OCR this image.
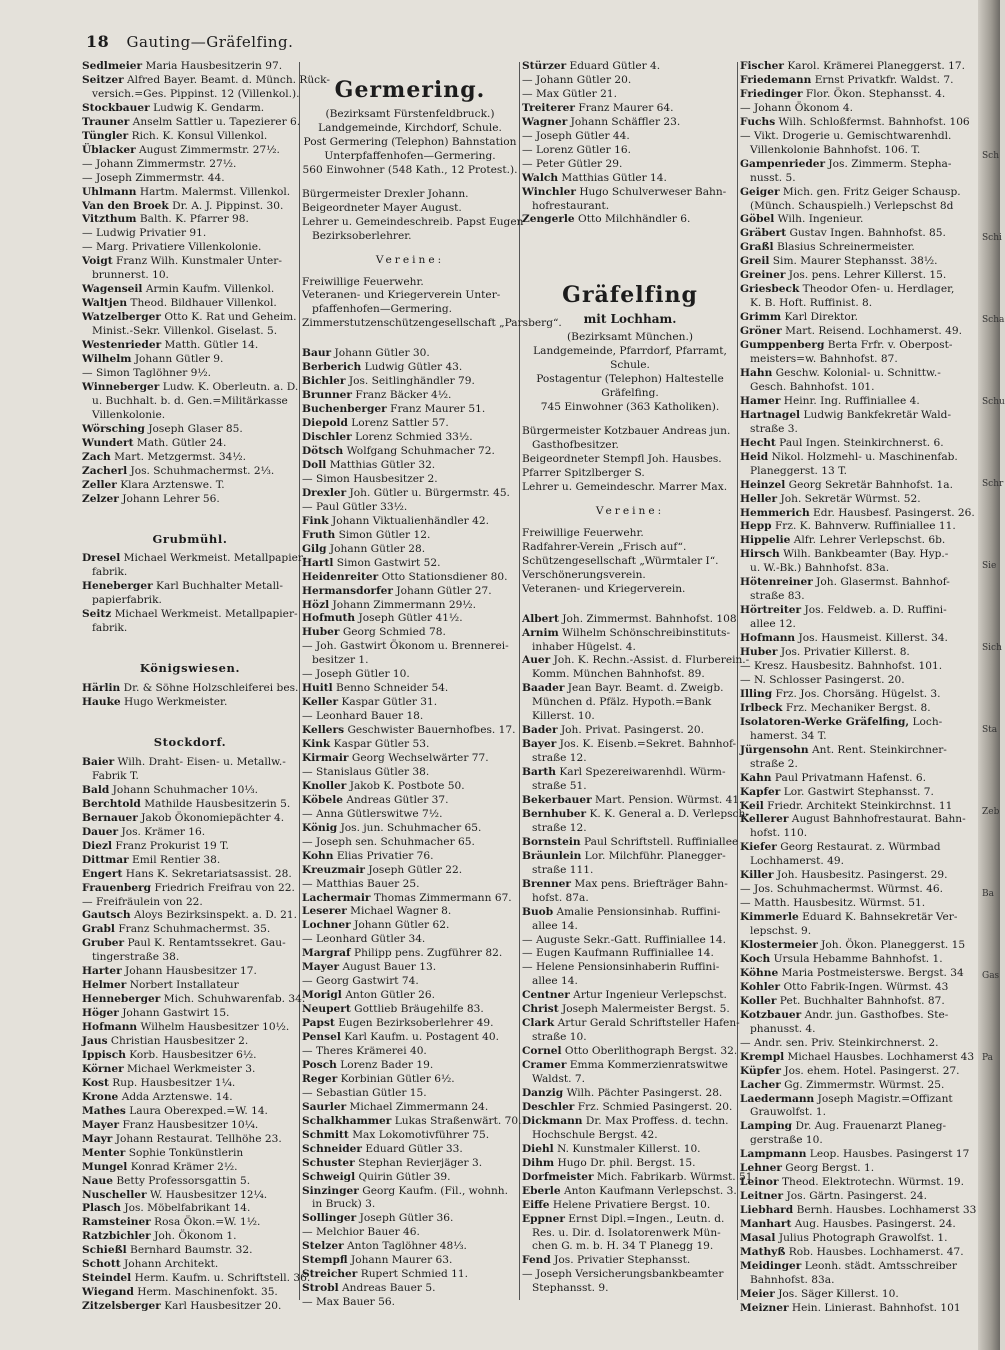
18 Gauting—Gräfelfing.
Sedlmeier Maria Hausbesitzerin 97.
Seitzer Alfred Bayer. Beamt. d. Münch. Rück-
versich.=Ges. Pippinst. 12 (Villenkol.).
Stockbauer Ludwig K. Gendarm.
Trauner Anselm Sattler u. Tapezierer 6.
Tüngler Rich. K. Konsul Villenkol.
Üblacker August Zimmermstr. 27½.
— Johann Zimmermstr. 27½.
— Joseph Zimmermstr. 44.
Uhlmann Hartm. Malermst. Villenkol.
Van den Broek Dr. A. J. Pippinst. 30.
Vitzthum Balth. K. Pfarrer 98.
— Ludwig Privatier 91.
— Marg. Privatiere Villenkolonie.
Voigt Franz Wilh. Kunstmaler Unter-
brunnerst. 10.
Wagenseil Armin Kaufm. Villenkol.
Waltjen Theod. Bildhauer Villenkol.
Watzelberger Otto K. Rat und Geheim.
Minist.-Sekr. Villenkol. Giselast. 5.
Westenrieder Matth. Gütler 14.
Wilhelm Johann Gütler 9.
— Simon Taglöhner 9½.
Winneberger Ludw. K. Oberleutn. a. D.
u. Buchhalt. b. d. Gen.=Militärkasse
Villenkolonie.
Wörsching Joseph Glaser 85.
Wundert Math. Gütler 24.
Zach Mart. Metzgermst. 34½.
Zacherl Jos. Schuhmachermst. 2⅓.
Zeller Klara Arztenswe. T.
Zelzer Johann Lehrer 56.
Grubmühl.
Dresel Michael Werkmeist. Metallpapier-
fabrik.
Heneberger Karl Buchhalter Metall-
papierfabrik.
Seitz Michael Werkmeist. Metallpapier-
fabrik.
Königswiesen.
Härlin Dr. & Söhne Holzschleiferei bes.
Hauke Hugo Werkmeister.
Stockdorf.
Baier Wilh. Draht- Eisen- u. Metallw.-
Fabrik T.
Bald Johann Schuhmacher 10⅓.
Berchtold Mathilde Hausbesitzerin 5.
Bernauer Jakob Ökonomiepächter 4.
Dauer Jos. Krämer 16.
Diezl Franz Prokurist 19 T.
Dittmar Emil Rentier 38.
Engert Hans K. Sekretariatsassist. 28.
Frauenberg Friedrich Freifrau von 22.
— Freifräulein von 22.
Gautsch Aloys Bezirksinspekt. a. D. 21.
Grabl Franz Schuhmachermst. 35.
Gruber Paul K. Rentamtssekret. Gau-
tingerstraße 38.
Harter Johann Hausbesitzer 17.
Helmer Norbert Installateur
Henneberger Mich. Schuhwarenfab. 34.
Höger Johann Gastwirt 15.
Hofmann Wilhelm Hausbesitzer 10½.
Jaus Christian Hausbesitzer 2.
Ippisch Korb. Hausbesitzer 6½.
Körner Michael Werkmeister 3.
Kost Rup. Hausbesitzer 1¼.
Krone Adda Arztenswe. 14.
Mathes Laura Oberexped.=W. 14.
Mayer Franz Hausbesitzer 10¼.
Mayr Johann Restaurat. Tellhöhe 23.
Menter Sophie Tonkünstlerin
Mungel Konrad Krämer 2½.
Naue Betty Professorsgattin 5.
Nuscheller W. Hausbesitzer 12¼.
Plasch Jos. Möbelfabrikant 14.
Ramsteiner Rosa Ökon.=W. 1½.
Ratzbichler Joh. Ökonom 1.
Schießl Bernhard Baumstr. 32.
Schott Johann Architekt.
Steindel Herm. Kaufm. u. Schriftstell. 36.
Wiegand Herm. Maschinenfokt. 35.
Zitzelsberger Karl Hausbesitzer 20.
Germering.
(Bezirksamt Fürstenfeldbruck.)
Landgemeinde, Kirchdorf, Schule.
Post Germering (Telephon) Bahnstation
Unterpfaffenhofen—Germering.
560 Einwohner (548 Kath., 12 Protest.).
Bürgermeister Drexler Johann.
Beigeordneter Mayer August.
Lehrer u. Gemeindeschreib. Papst Eugen
Bezirksoberlehrer.
Vereine:
Freiwillige Feuerwehr.
Veteranen- und Kriegerverein Unter-
pfaffenhofen—Germering.
Zimmerstutzenschützengesellschaft „Parsberg“.
Baur Johann Gütler 30.
Berberich Ludwig Gütler 43.
Bichler Jos. Seitlinghändler 79.
Brunner Franz Bäcker 4½.
Buchenberger Franz Maurer 51.
Diepold Lorenz Sattler 57.
Dischler Lorenz Schmied 33½.
Dötsch Wolfgang Schuhmacher 72.
Doll Matthias Gütler 32.
— Simon Hausbesitzer 2.
Drexler Joh. Gütler u. Bürgermstr. 45.
— Paul Gütler 33½.
Fink Johann Viktualienhändler 42.
Fruth Simon Gütler 12.
Gilg Johann Gütler 28.
Hartl Simon Gastwirt 52.
Heidenreiter Otto Stationsdiener 80.
Hermansdorfer Johann Gütler 27.
Hözl Johann Zimmermann 29½.
Hofmuth Joseph Gütler 41½.
Huber Georg Schmied 78.
— Joh. Gastwirt Ökonom u. Brennerei-
besitzer 1.
— Joseph Gütler 10.
Huitl Benno Schneider 54.
Keller Kaspar Gütler 31.
— Leonhard Bauer 18.
Kellers Geschwister Bauernhofbes. 17.
Kink Kaspar Gütler 53.
Kirmair Georg Wechselwärter 77.
— Stanislaus Gütler 38.
Knoller Jakob K. Postbote 50.
Köbele Andreas Gütler 37.
— Anna Gütlerswitwe 7½.
König Jos. jun. Schuhmacher 65.
— Joseph sen. Schuhmacher 65.
Kohn Elias Privatier 76.
Kreuzmair Joseph Gütler 22.
— Matthias Bauer 25.
Lachermair Thomas Zimmermann 67.
Leserer Michael Wagner 8.
Lochner Johann Gütler 62.
— Leonhard Gütler 34.
Margraf Philipp pens. Zugführer 82.
Mayer August Bauer 13.
— Georg Gastwirt 74.
Morigl Anton Gütler 26.
Neupert Gottlieb Bräugehilfe 83.
Papst Eugen Bezirksoberlehrer 49.
Pensel Karl Kaufm. u. Postagent 40.
— Theres Krämerei 40.
Posch Lorenz Bader 19.
Reger Korbinian Gütler 6½.
— Sebastian Gütler 15.
Saurler Michael Zimmermann 24.
Schalkhammer Lukas Straßenwärt. 70.
Schmitt Max Lokomotivführer 75.
Schneider Eduard Gütler 33.
Schuster Stephan Revierjäger 3.
Schweigl Quirin Gütler 39.
Sinzinger Georg Kaufm. (Fil., wohnh.
in Bruck) 3.
Sollinger Joseph Gütler 36.
— Melchior Bauer 46.
Stelzer Anton Taglöhner 48⅓.
Stempfl Johann Maurer 63.
Streicher Rupert Schmied 11.
Strobl Andreas Bauer 5.
— Max Bauer 56.
Stürzer Eduard Gütler 4.
— Johann Gütler 20.
— Max Gütler 21.
Treiterer Franz Maurer 64.
Wagner Johann Schäffler 23.
— Joseph Gütler 44.
— Lorenz Gütler 16.
— Peter Gütler 29.
Walch Matthias Gütler 14.
Winchler Hugo Schulverweser Bahn-
hofrestaurant.
Zengerle Otto Milchhändler 6.
Gräfelfing
mit Lochham.
(Bezirksamt München.)
Landgemeinde, Pfarrdorf, Pfarramt,
Schule.
Postagentur (Telephon) Haltestelle
Gräfelfing.
745 Einwohner (363 Katholiken).
Bürgermeister Kotzbauer Andreas jun.
Gasthofbesitzer.
Beigeordneter Stempfl Joh. Hausbes.
Pfarrer Spitzlberger S.
Lehrer u. Gemeindeschr. Marrer Max.
Vereine:
Freiwillige Feuerwehr.
Radfahrer-Verein „Frisch auf“.
Schützengesellschaft „Würmtaler I“.
Verschönerungsverein.
Veteranen- und Kriegerverein.
Albert Joh. Zimmermst. Bahnhofst. 108
Arnim Wilhelm Schönschreibinstituts-
inhaber Hügelst. 4.
Auer Joh. K. Rechn.-Assist. d. Flurberein.-
Komm. München Bahnhofst. 89.
Baader Jean Bayr. Beamt. d. Zweigb.
München d. Pfälz. Hypoth.=Bank
Killerst. 10.
Bader Joh. Privat. Pasingerst. 20.
Bayer Jos. K. Eisenb.=Sekret. Bahnhof-
straße 12.
Barth Karl Spezereiwarenhdl. Würm-
straße 51.
Bekerbauer Mart. Pension. Würmst. 41.
Bernhuber K. K. General a. D. Verlepsch-
straße 12.
Bornstein Paul Schriftstell. Ruffiniallee
Bräunlein Lor. Milchführ. Planegger-
straße 111.
Brenner Max pens. Briefträger Bahn-
hofst. 87a.
Buob Amalie Pensionsinhab. Ruffini-
allee 14.
— Auguste Sekr.-Gatt. Ruffiniallee 14.
— Eugen Kaufmann Ruffiniallee 14.
— Helene Pensionsinhaberin Ruffini-
allee 14.
Centner Artur Ingenieur Verlepschst.
Christ Joseph Malermeister Bergst. 5.
Clark Artur Gerald Schriftsteller Hafen-
straße 10.
Cornel Otto Oberlithograph Bergst. 32.
Cramer Emma Kommerzienratswitwe
Waldst. 7.
Danzig Wilh. Pächter Pasingerst. 28.
Deschler Frz. Schmied Pasingerst. 20.
Dickmann Dr. Max Proffess. d. techn.
Hochschule Bergst. 42.
Diehl N. Kunstmaler Killerst. 10.
Dihm Hugo Dr. phil. Bergst. 15.
Dorfmeister Mich. Fabrikarb. Würmst. 51
Eberle Anton Kaufmann Verlepschst. 3.
Eiffe Helene Privatiere Bergst. 10.
Eppner Ernst Dipl.=Ingen., Leutn. d.
Res. u. Dir. d. Isolatorenwerk Mün-
chen G. m. b. H. 34 T Planegg 19.
Fend Jos. Privatier Stephansst.
— Joseph Versicherungsbankbeamter
Stephansst. 9.
Fischer Karol. Krämerei Planeggerst. 17.
Friedemann Ernst Privatkfr. Waldst. 7.
Friedinger Flor. Ökon. Stephansst. 4.
— Johann Ökonom 4.
Fuchs Wilh. Schloßfermst. Bahnhofst. 106
— Vikt. Drogerie u. Gemischtwarenhdl.
Villenkolonie Bahnhofst. 106. T.
Gampenrieder Jos. Zimmerm. Stepha-
nusst. 5.
Geiger Mich. gen. Fritz Geiger Schausp.
(Münch. Schauspielh.) Verlepschst 8d
Göbel Wilh. Ingenieur.
Gräbert Gustav Ingen. Bahnhofst. 85.
Graßl Blasius Schreinermeister.
Greil Sim. Maurer Stephansst. 38½.
Greiner Jos. pens. Lehrer Killerst. 15.
Griesbeck Theodor Ofen- u. Herdlager,
K. B. Hoft. Ruffinist. 8.
Grimm Karl Direktor.
Gröner Mart. Reisend. Lochhamerst. 49.
Gumppenberg Berta Frfr. v. Oberpost-
meisters=w. Bahnhofst. 87.
Hahn Geschw. Kolonial- u. Schnittw.-
Gesch. Bahnhofst. 101.
Hamer Heinr. Ing. Ruffiniallee 4.
Hartnagel Ludwig Bankfekretär Wald-
straße 3.
Hecht Paul Ingen. Steinkirchnerst. 6.
Heid Nikol. Holzmehl- u. Maschinenfab.
Planeggerst. 13 T.
Heinzel Georg Sekretär Bahnhofst. 1a.
Heller Joh. Sekretär Würmst. 52.
Hemmerich Edr. Hausbesf. Pasingerst. 26.
Hepp Frz. K. Bahnverw. Ruffiniallee 11.
Hippelie Alfr. Lehrer Verlepschst. 6b.
Hirsch Wilh. Bankbeamter (Bay. Hyp.-
u. W.-Bk.) Bahnhofst. 83a.
Hötenreiner Joh. Glasermst. Bahnhof-
straße 83.
Hörtreiter Jos. Feldweb. a. D. Ruffini-
allee 12.
Hofmann Jos. Hausmeist. Killerst. 34.
Huber Jos. Privatier Killerst. 8.
— Kresz. Hausbesitz. Bahnhofst. 101.
— N. Schlosser Pasingerst. 20.
Illing Frz. Jos. Chorsäng. Hügelst. 3.
Irlbeck Frz. Mechaniker Bergst. 8.
Isolatoren-Werke Gräfelfing, Loch-
hamerst. 34 T.
Jürgensohn Ant. Rent. Steinkirchner-
straße 2.
Kahn Paul Privatmann Hafenst. 6.
Kapfer Lor. Gastwirt Stephansst. 7.
Keil Friedr. Architekt Steinkirchnst. 11
Kellerer August Bahnhofrestaurat. Bahn-
hofst. 110.
Kiefer Georg Restaurat. z. Würmbad
Lochhamerst. 49.
Killer Joh. Hausbesitz. Pasingerst. 29.
— Jos. Schuhmachermst. Würmst. 46.
— Matth. Hausbesitz. Würmst. 51.
Kimmerle Eduard K. Bahnsekretär Ver-
lepschst. 9.
Klostermeier Joh. Ökon. Planeggerst. 15
Koch Ursula Hebamme Bahnhofst. 1.
Köhne Maria Postmeisterswe. Bergst. 34
Kohler Otto Fabrik-Ingen. Würmst. 43
Koller Pet. Buchhalter Bahnhofst. 87.
Kotzbauer Andr. jun. Gasthofbes. Ste-
phanusst. 4.
— Andr. sen. Priv. Steinkirchnerst. 2.
Krempl Michael Hausbes. Lochhamerst 43
Küpfer Jos. ehem. Hotel. Pasingerst. 27.
Lacher Gg. Zimmermstr. Würmst. 25.
Laedermann Joseph Magistr.=Offizant
Grauwolfst. 1.
Lamping Dr. Aug. Frauenarzt Planeg-
gerstraße 10.
Lampmann Leop. Hausbes. Pasingerst 17
Lehner Georg Bergst. 1.
Leinor Theod. Elektrotechn. Würmst. 19.
Leitner Jos. Gärtn. Pasingerst. 24.
Liebhard Bernh. Hausbes. Lochhamerst 33
Manhart Aug. Hausbes. Pasingerst. 24.
Masal Julius Photograph Grawolfst. 1.
Mathyß Rob. Hausbes. Lochhamerst. 47.
Meidinger Leonh. städt. Amtsschreiber
Bahnhofst. 83a.
Meier Jos. Säger Killerst. 10.
Meizner Hein. Linierast. Bahnhofst. 101
Sch
Schi
Scha
Schu
Schr
Sie
Sich
Sta
Zeb
Ba
Gas
Pa
